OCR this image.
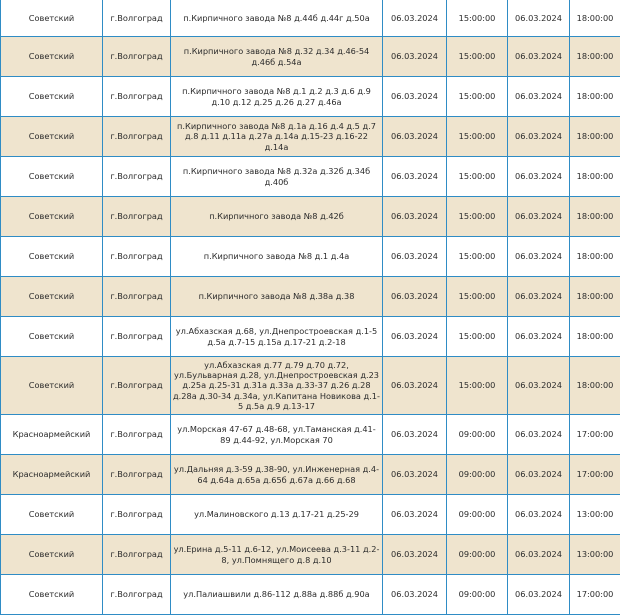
Советский	г.Волгоград	п.Кирпичного завода №8 д.44б д.44г д.50а	06.03.2024	15:00:00	06.03.2024	18:00:00
Советский	г.Волгоград	п.Кирпичного завода №8 д.32 д.34 д.46-54 д.46б д.54а	06.03.2024	15:00:00	06.03.2024	18:00:00
Советский	г.Волгоград	п.Кирпичного завода №8 д.1 д.2 д.3 д.6 д.9 д.10 д.12 д.25 д.26 д.27 д.46а	06.03.2024	15:00:00	06.03.2024	18:00:00
Советский	г.Волгоград	п.Кирпичного завода №8 д.1а д.16 д.4 д.5 д.7 д.8 д.11 д.11а д.27а д.14а д.15-23 д.16-22 д.14а	06.03.2024	15:00:00	06.03.2024	18:00:00
Советский	г.Волгоград	п.Кирпичного завода №8 д.32а д.32б д.34б д.40б	06.03.2024	15:00:00	06.03.2024	18:00:00
Советский	г.Волгоград	п.Кирпичного завода №8 д.42б	06.03.2024	15:00:00	06.03.2024	18:00:00
Советский	г.Волгоград	п.Кирпичного завода №8 д.1 д.4а	06.03.2024	15:00:00	06.03.2024	18:00:00
Советский	г.Волгоград	п.Кирпичного завода №8 д.38а д.38	06.03.2024	15:00:00	06.03.2024	18:00:00
Советский	г.Волгоград	ул.Абхазская д.68, ул.Днепростроевская д.1-5 д.5а д.7-15 д.15а д.17-21 д.2-18	06.03.2024	15:00:00	06.03.2024	18:00:00
Советский	г.Волгоград	ул.Абхазская д.77 д.79 д.70 д.72, ул.Бульварная д.28, ул.Днепростроевская д.23 д.25а д.25-31 д.31а д.33а д.33-37 д.26 д.28 д.28а д.30-34 д.34а, ул.Капитана Новикова д.1-5 д.5а д.9 д.13-17	06.03.2024	15:00:00	06.03.2024	18:00:00
Красноармейский	г.Волгоград	ул.Морская 47-67 д.48-68, ул.Таманская д.41-89 д.44-92, ул.Морская 70	06.03.2024	09:00:00	06.03.2024	17:00:00
Красноармейский	г.Волгоград	ул.Дальняя д.3-59 д.38-90, ул.Инженерная д.4-64 д.64а д.65а д.65б д.67а д.66 д.68	06.03.2024	09:00:00	06.03.2024	17:00:00
Советский	г.Волгоград	ул.Малиновского д.13 д.17-21 д.25-29	06.03.2024	09:00:00	06.03.2024	13:00:00
Советский	г.Волгоград	ул.Ерина д.5-11 д.6-12, ул.Моисеева д.3-11 д.2-8, ул.Помнящего д.8 д.10	06.03.2024	09:00:00	06.03.2024	13:00:00
Советский	г.Волгоград	ул.Палиашвили д.86-112 д.88а д.88б д.90а	06.03.2024	09:00:00	06.03.2024	17:00:00
